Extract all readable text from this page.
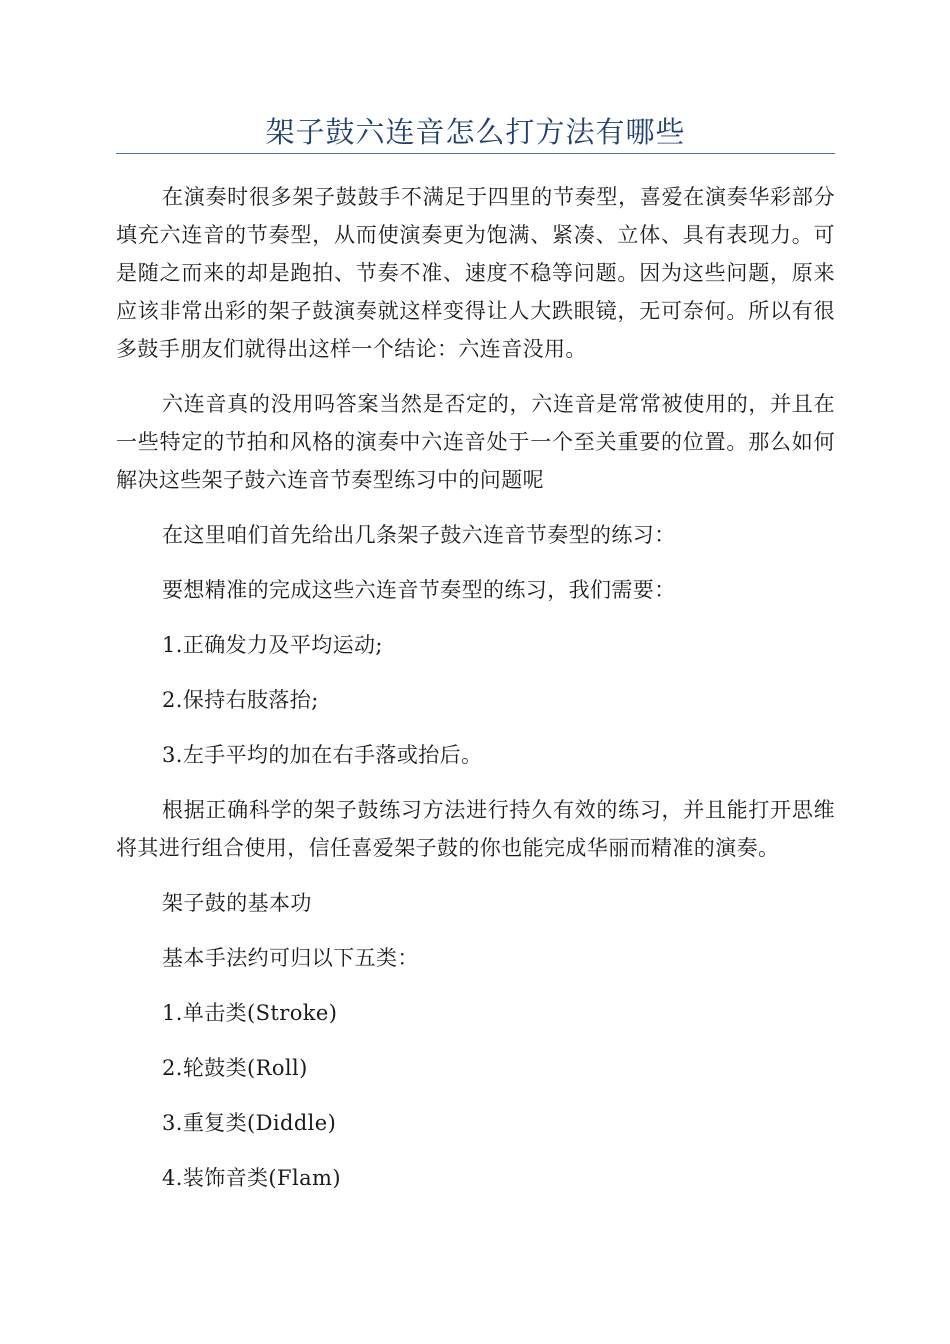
架子鼓六连音怎么打方法有哪些

在演奏时很多架子鼓鼓手不满足于四里的节奏型，喜爱在演奏华彩部分填充六连音的节奏型，从而使演奏更为饱满、紧凑、立体、具有表现力。可是随之而来的却是跑拍、节奏不准、速度不稳等问题。因为这些问题，原来应该非常出彩的架子鼓演奏就这样变得让人大跌眼镜，无可奈何。所以有很多鼓手朋友们就得出这样一个结论：六连音没用。

六连音真的没用吗答案当然是否定的，六连音是常常被使用的，并且在一些特定的节拍和风格的演奏中六连音处于一个至关重要的位置。那么如何解决这些架子鼓六连音节奏型练习中的问题呢

在这里咱们首先给出几条架子鼓六连音节奏型的练习：

要想精准的完成这些六连音节奏型的练习，我们需要：

1.正确发力及平均运动;

2.保持右肢落抬;

3.左手平均的加在右手落或抬后。

根据正确科学的架子鼓练习方法进行持久有效的练习，并且能打开思维将其进行组合使用，信任喜爱架子鼓的你也能完成华丽而精准的演奏。

架子鼓的基本功

基本手法约可归以下五类：

1.单击类(Stroke)

2.轮鼓类(Roll)

3.重复类(Diddle)

4.装饰音类(Flam)
